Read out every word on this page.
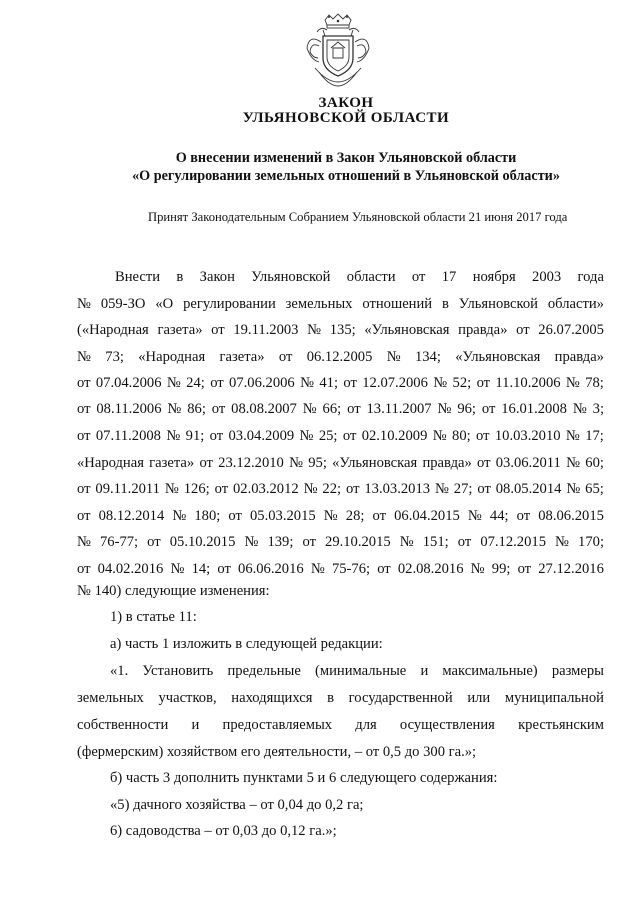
ЗАКОН
УЛЬЯНОВСКОЙ ОБЛАСТИ
О внесении изменений в Закон Ульяновской области
«О регулировании земельных отношений в Ульяновской области»
Принят Законодательным Собранием Ульяновской области 21 июня 2017 года
Внести в Закон Ульяновской области от 17 ноября 2003 года
№ 059-ЗО «О регулировании земельных отношений в Ульяновской области»
(«Народная газета» от 19.11.2003 № 135; «Ульяновская правда» от 26.07.2005
№ 73; «Народная газета» от 06.12.2005 № 134; «Ульяновская правда»
от 07.04.2006 № 24; от 07.06.2006 № 41; от 12.07.2006 № 52; от 11.10.2006 № 78;
от 08.11.2006 № 86; от 08.08.2007 № 66; от 13.11.2007 № 96; от 16.01.2008 № 3;
от 07.11.2008 № 91; от 03.04.2009 № 25; от 02.10.2009 № 80; от 10.03.2010 № 17;
«Народная газета» от 23.12.2010 № 95; «Ульяновская правда» от 03.06.2011 № 60;
от 09.11.2011 № 126; от 02.03.2012 № 22; от 13.03.2013 № 27; от 08.05.2014 № 65;
от 08.12.2014 № 180; от 05.03.2015 № 28; от 06.04.2015 № 44; от 08.06.2015
№ 76-77; от 05.10.2015 № 139; от 29.10.2015 № 151; от 07.12.2015 № 170;
от 04.02.2016 № 14; от 06.06.2016 № 75-76; от 02.08.2016 № 99; от 27.12.2016
№ 140) следующие изменения:
1) в статье 11:
а) часть 1 изложить в следующей редакции:
«1. Установить предельные (минимальные и максимальные) размеры
земельных участков, находящихся в государственной или муниципальной
собственности и предоставляемых для осуществления крестьянским
(фермерским) хозяйством его деятельности, – от 0,5 до 300 га.»;
б) часть 3 дополнить пунктами 5 и 6 следующего содержания:
«5) дачного хозяйства – от 0,04 до 0,2 га;
6) садоводства – от 0,03 до 0,12 га.»;
